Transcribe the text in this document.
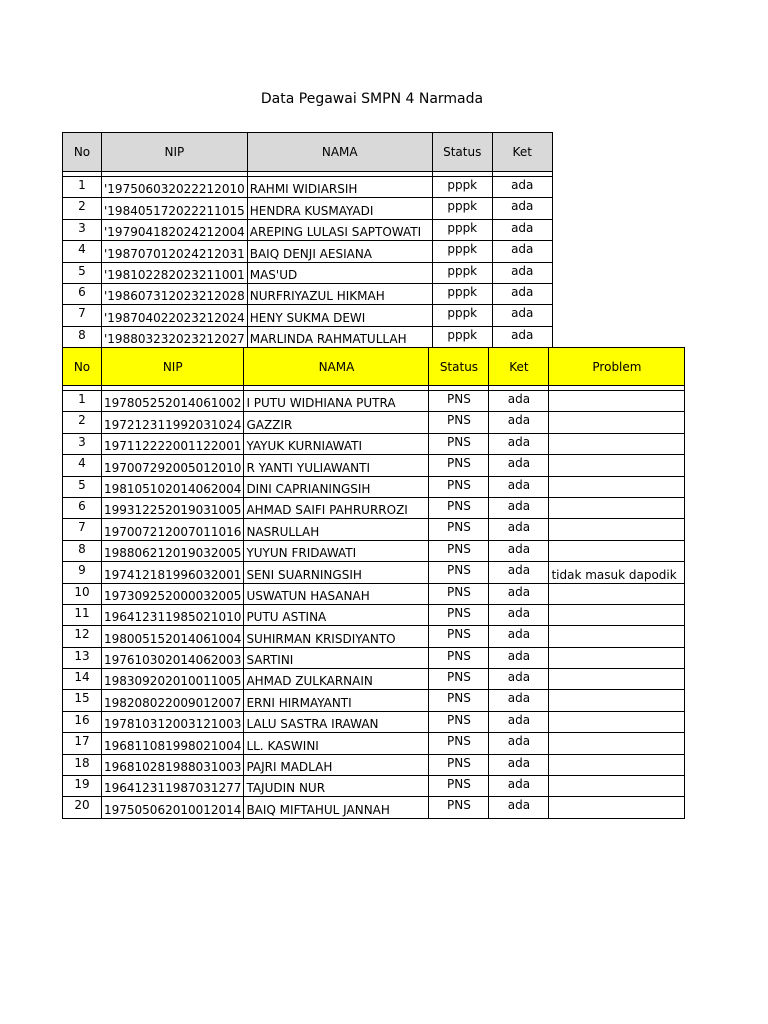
Data Pegawai SMPN 4 Narmada
No	NIP	NAMA	Status	Ket

1	'197506032022212010	RAHMI WIDIARSIH	pppk	ada
2	'198405172022211015	HENDRA KUSMAYADI	pppk	ada
3	'197904182024212004	AREPING LULASI SAPTOWATI	pppk	ada
4	'198707012024212031	BAIQ DENJI AESIANA	pppk	ada
5	'198102282023211001	MAS'UD	pppk	ada
6	'198607312023212028	NURFRIYAZUL HIKMAH	pppk	ada
7	'198704022023212024	HENY SUKMA DEWI	pppk	ada
8	'198803232023212027	MARLINDA RAHMATULLAH	pppk	ada
No	NIP	NAMA	Status	Ket	Problem

1	197805252014061002	I PUTU WIDHIANA PUTRA	PNS	ada	
2	197212311992031024	GAZZIR	PNS	ada	
3	197112222001122001	YAYUK KURNIAWATI	PNS	ada	
4	197007292005012010	R YANTI YULIAWANTI	PNS	ada	
5	198105102014062004	DINI CAPRIANINGSIH	PNS	ada	
6	199312252019031005	AHMAD SAIFI PAHRURROZI	PNS	ada	
7	197007212007011016	NASRULLAH	PNS	ada	
8	198806212019032005	YUYUN FRIDAWATI	PNS	ada	
9	197412181996032001	SENI SUARNINGSIH	PNS	ada	tidak masuk dapodik
10	197309252000032005	USWATUN HASANAH	PNS	ada	
11	196412311985021010	PUTU ASTINA	PNS	ada	
12	198005152014061004	SUHIRMAN KRISDIYANTO	PNS	ada	
13	197610302014062003	SARTINI	PNS	ada	
14	198309202010011005	AHMAD ZULKARNAIN	PNS	ada	
15	198208022009012007	ERNI HIRMAYANTI	PNS	ada	
16	197810312003121003	LALU SASTRA IRAWAN	PNS	ada	
17	196811081998021004	LL. KASWINI	PNS	ada	
18	196810281988031003	PAJRI MADLAH	PNS	ada	
19	196412311987031277	TAJUDIN NUR	PNS	ada	
20	197505062010012014	BAIQ MIFTAHUL JANNAH	PNS	ada	
